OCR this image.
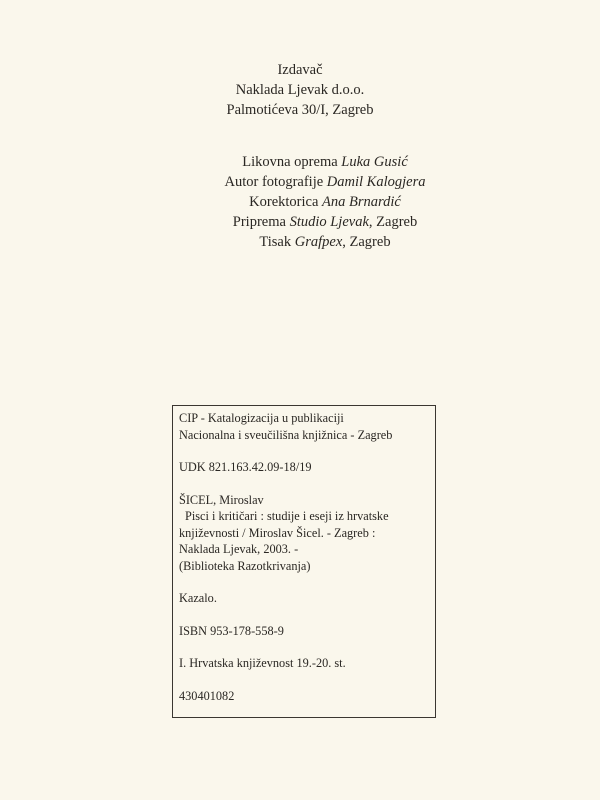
Izdavač
Naklada Ljevak d.o.o.
Palmotićeva 30/I, Zagreb
Likovna oprema Luka Gusić
Autor fotografije Damil Kalogjera
Korektorica Ana Brnardić
Priprema Studio Ljevak, Zagreb
Tisak Grafpex, Zagreb
CIP - Katalogizacija u publikaciji
Nacionalna i sveučilišna knjižnica - Zagreb
UDK 821.163.42.09-18/19
ŠICEL, Miroslav
Pisci i kritičari : studije i eseji iz hrvatske
književnosti / Miroslav Šicel. - Zagreb :
Naklada Ljevak, 2003. -
(Biblioteka Razotkrivanja)
Kazalo.
ISBN 953-178-558-9
I. Hrvatska književnost 19.-20. st.
430401082
